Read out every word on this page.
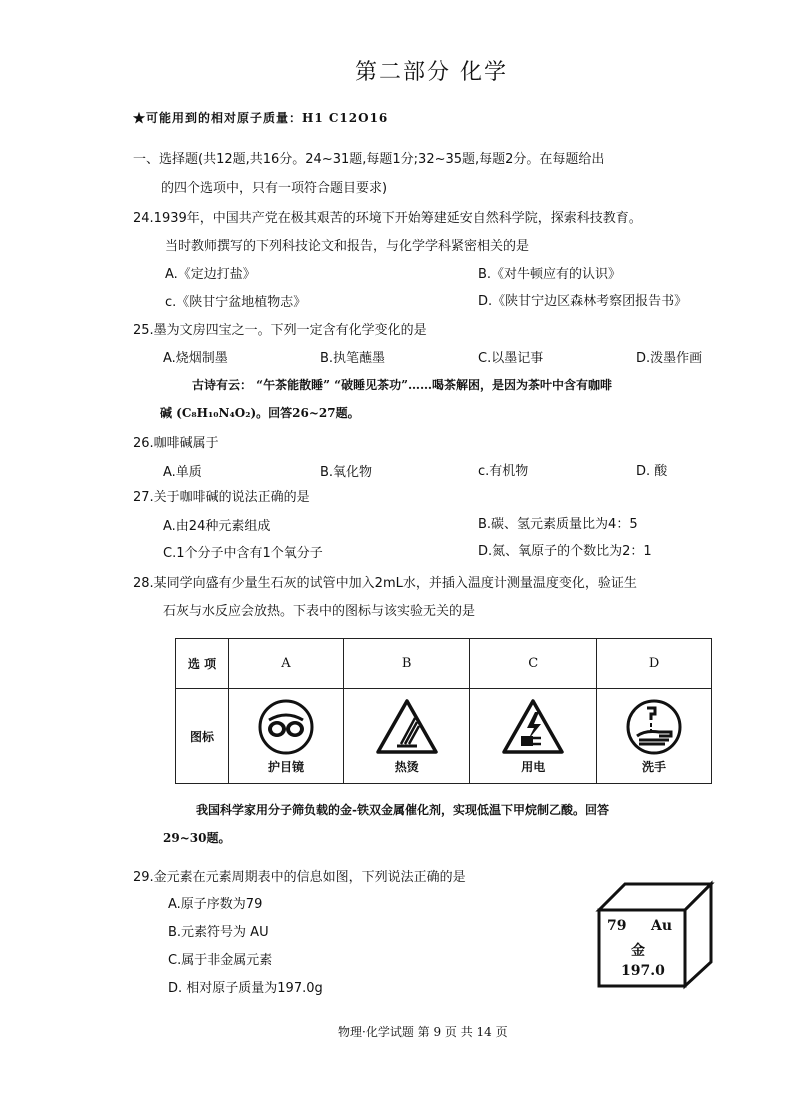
第二部分 化学
★可能用到的相对原子质量：H1 C12O16
一、选择题(共12题,共16分。24~31题,每题1分;32~35题,每题2分。在每题给出
的四个选项中，只有一项符合题目要求)
24.1939年，中国共产党在极其艰苦的环境下开始筹建延安自然科学院，探索科技教育。
当时教师撰写的下列科技论文和报告，与化学学科紧密相关的是
A.《定边打盐》	B.《对牛顿应有的认识》
c.《陕甘宁盆地植物志》	D.《陕甘宁边区森林考察团报告书》
25.墨为文房四宝之一。下列一定含有化学变化的是
A.烧烟制墨	B.执笔蘸墨	C.以墨记事	D.泼墨作画
古诗有云： “午茶能散睡” “破睡见茶功”……喝茶解困，是因为茶叶中含有咖啡
碱 (C₈H₁₀N₄O₂)。回答26~27题。
26.咖啡碱属于
A.单质	B.氧化物	c.有机物	D. 酸
27.关于咖啡碱的说法正确的是
A.由24种元素组成	B.碳、氢元素质量比为4：5
C.1个分子中含有1个氧分子	D.氮、氧原子的个数比为2：1
28.某同学向盛有少量生石灰的试管中加入2mL水，并插入温度计测量温度变化，验证生
石灰与水反应会放热。下表中的图标与该实验无关的是
选 项	A	B	C	D
图标	护目镜	热烫	用电	洗手
我国科学家用分子筛负载的金-铁双金属催化剂，实现低温下甲烷制乙酸。回答
29~30题。
29.金元素在元素周期表中的信息如图，下列说法正确的是
A.原子序数为79
B.元素符号为 AU
C.属于非金属元素
D. 相对原子质量为197.0g
79 Au
金
197.0
物理·化学试题 第 9 页 共 14 页
